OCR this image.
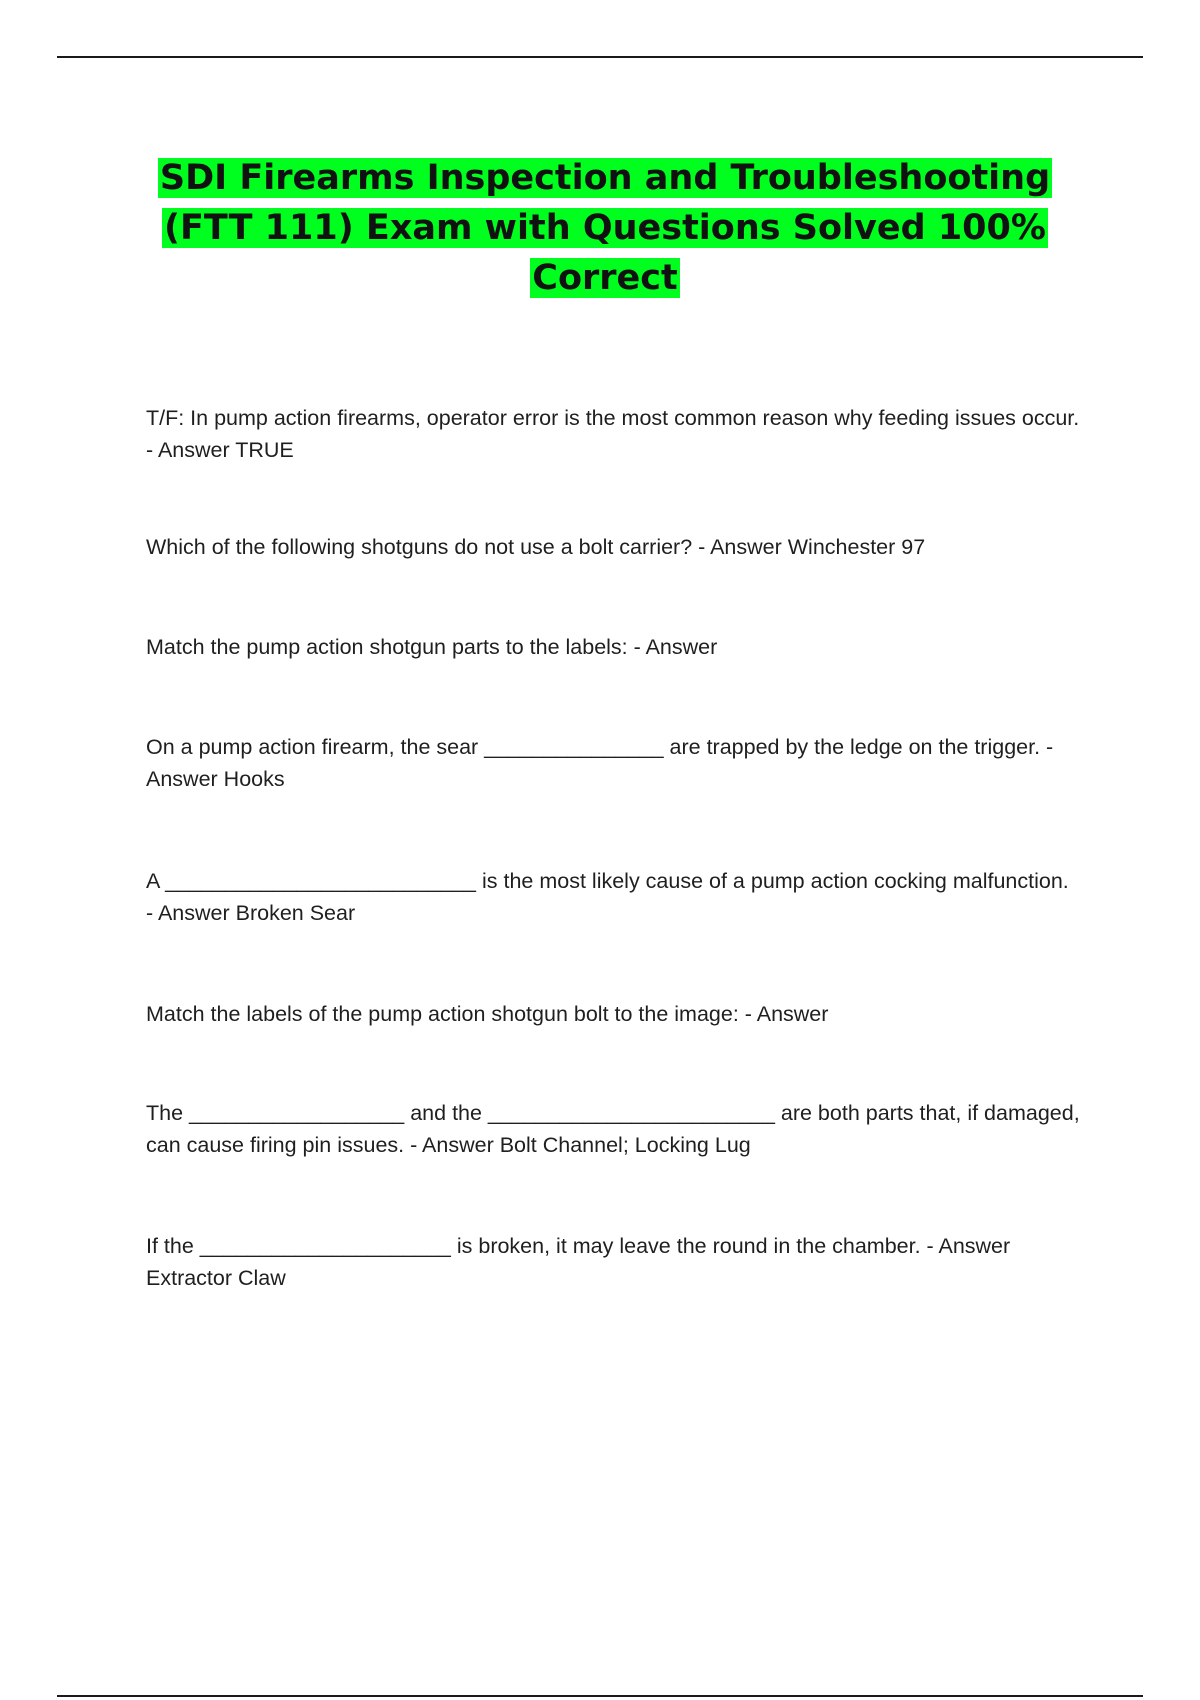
SDI Firearms Inspection and Troubleshooting (FTT 111) Exam with Questions Solved 100% Correct

T/F: In pump action firearms, operator error is the most common reason why feeding issues occur. - Answer TRUE

Which of the following shotguns do not use a bolt carrier? - Answer Winchester 97

Match the pump action shotgun parts to the labels: - Answer

On a pump action firearm, the sear _______________ are trapped by the ledge on the trigger. - Answer Hooks

A __________________________ is the most likely cause of a pump action cocking malfunction. - Answer Broken Sear

Match the labels of the pump action shotgun bolt to the image: - Answer

The __________________ and the ________________________ are both parts that, if damaged, can cause firing pin issues. - Answer Bolt Channel; Locking Lug

If the _____________________ is broken, it may leave the round in the chamber. - Answer Extractor Claw
